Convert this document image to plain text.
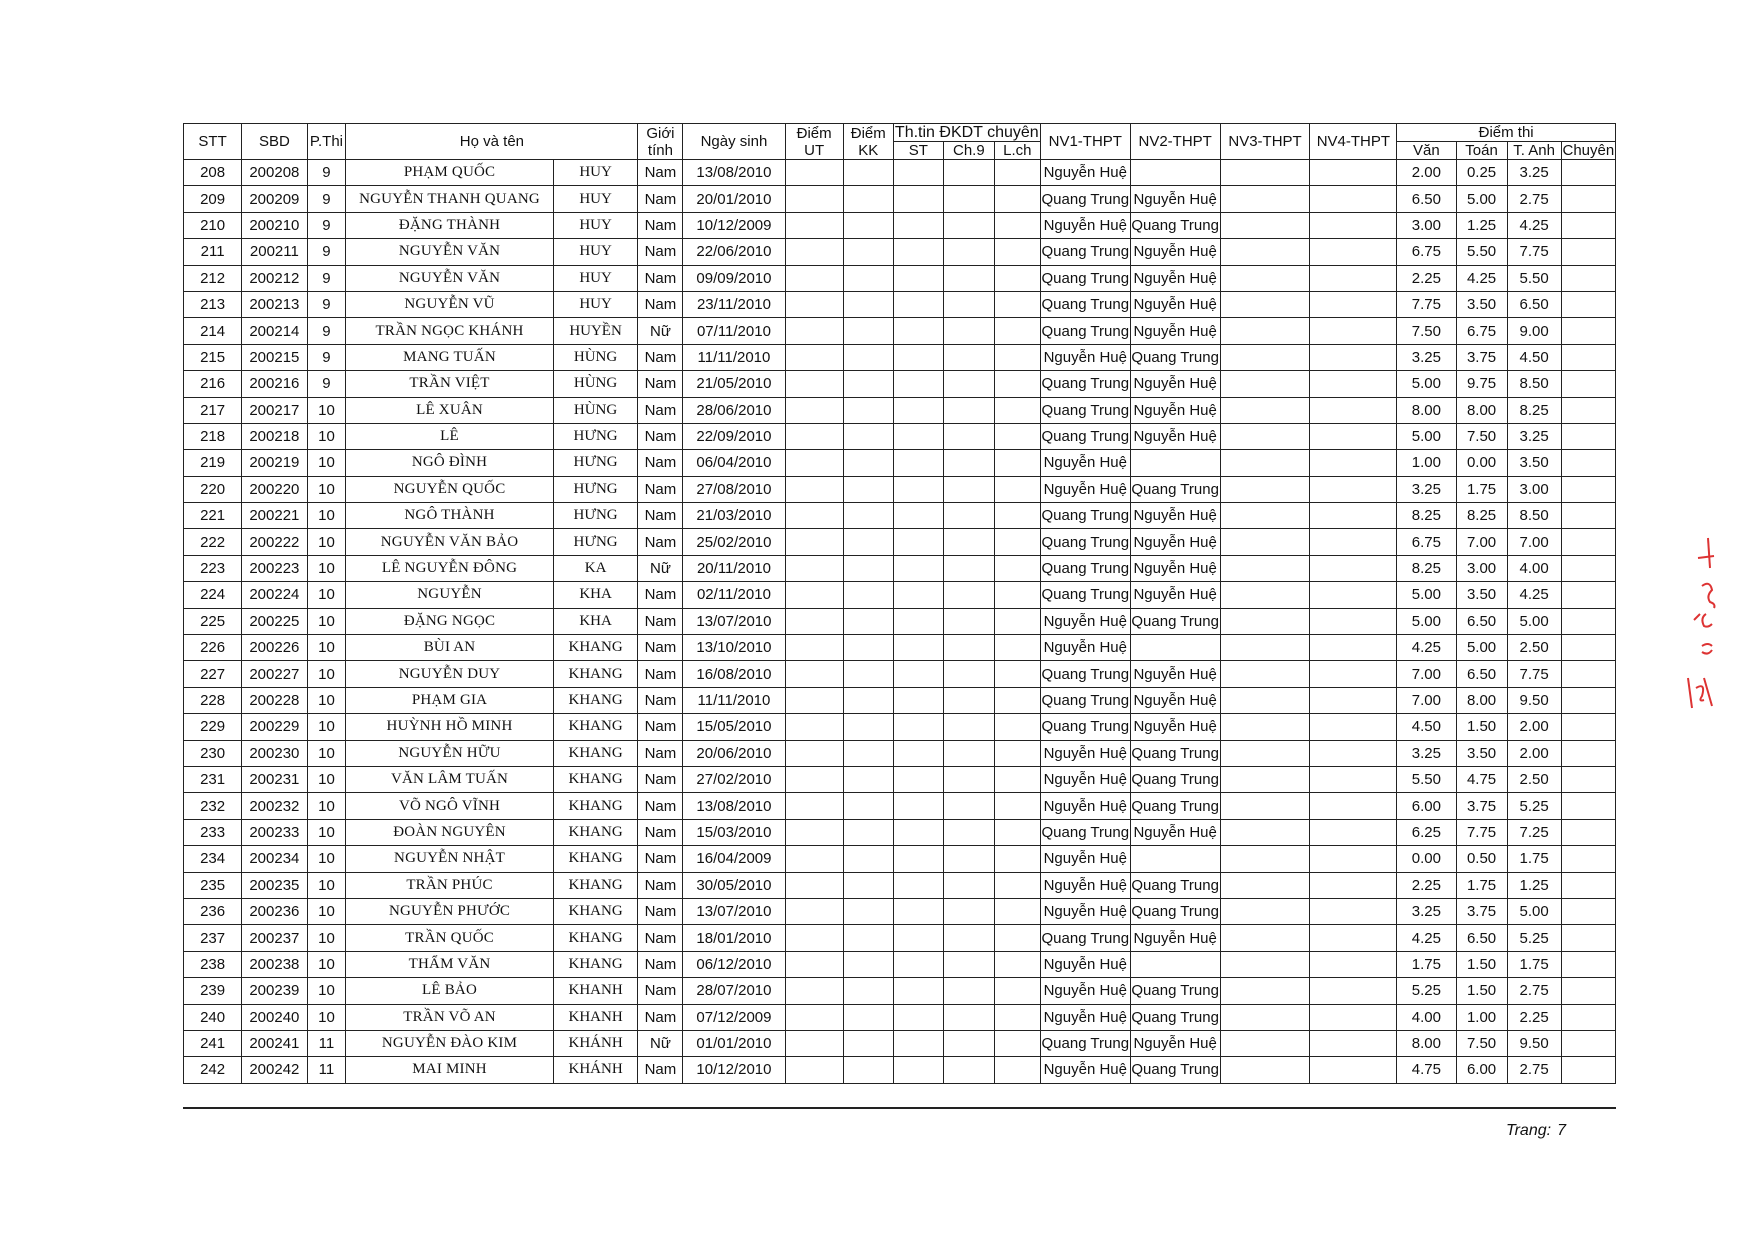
STT	SBD	P.Thi	Họ và tên		Giới tính	Ngày sinh	Điểm UT	Điểm KK	Th.tin ĐKDT chuyên			NV1-THPT	NV2-THPT	NV3-THPT	NV4-THPT	Điểm thi			
									ST	Ch.9	L.ch					Văn	Toán	T. Anh	Chuyên
208	200208	9	PHẠM QUỐC	HUY	Nam	13/08/2010						Nguyễn Huệ				2.00	0.25	3.25	
209	200209	9	NGUYỄN THANH QUANG	HUY	Nam	20/01/2010						Quang Trung	Nguyễn Huệ			6.50	5.00	2.75	
210	200210	9	ĐẶNG THÀNH	HUY	Nam	10/12/2009						Nguyễn Huệ	Quang Trung			3.00	1.25	4.25	
211	200211	9	NGUYỄN VĂN	HUY	Nam	22/06/2010						Quang Trung	Nguyễn Huệ			6.75	5.50	7.75	
212	200212	9	NGUYỄN VĂN	HUY	Nam	09/09/2010						Quang Trung	Nguyễn Huệ			2.25	4.25	5.50	
213	200213	9	NGUYỄN VŨ	HUY	Nam	23/11/2010						Quang Trung	Nguyễn Huệ			7.75	3.50	6.50	
214	200214	9	TRẦN NGỌC KHÁNH	HUYỀN	Nữ	07/11/2010						Quang Trung	Nguyễn Huệ			7.50	6.75	9.00	
215	200215	9	MANG TUẤN	HÙNG	Nam	11/11/2010						Nguyễn Huệ	Quang Trung			3.25	3.75	4.50	
216	200216	9	TRẦN VIỆT	HÙNG	Nam	21/05/2010						Quang Trung	Nguyễn Huệ			5.00	9.75	8.50	
217	200217	10	LÊ XUÂN	HÙNG	Nam	28/06/2010						Quang Trung	Nguyễn Huệ			8.00	8.00	8.25	
218	200218	10	LÊ	HƯNG	Nam	22/09/2010						Quang Trung	Nguyễn Huệ			5.00	7.50	3.25	
219	200219	10	NGÔ ĐÌNH	HƯNG	Nam	06/04/2010						Nguyễn Huệ				1.00	0.00	3.50	
220	200220	10	NGUYỄN QUỐC	HƯNG	Nam	27/08/2010						Nguyễn Huệ	Quang Trung			3.25	1.75	3.00	
221	200221	10	NGÔ THÀNH	HƯNG	Nam	21/03/2010						Quang Trung	Nguyễn Huệ			8.25	8.25	8.50	
222	200222	10	NGUYỄN VĂN BẢO	HƯNG	Nam	25/02/2010						Quang Trung	Nguyễn Huệ			6.75	7.00	7.00	
223	200223	10	LÊ NGUYỄN ĐÔNG	KA	Nữ	20/11/2010						Quang Trung	Nguyễn Huệ			8.25	3.00	4.00	
224	200224	10	NGUYỄN	KHA	Nam	02/11/2010						Quang Trung	Nguyễn Huệ			5.00	3.50	4.25	
225	200225	10	ĐẶNG NGỌC	KHA	Nam	13/07/2010						Nguyễn Huệ	Quang Trung			5.00	6.50	5.00	
226	200226	10	BÙI AN	KHANG	Nam	13/10/2010						Nguyễn Huệ				4.25	5.00	2.50	
227	200227	10	NGUYỄN DUY	KHANG	Nam	16/08/2010						Quang Trung	Nguyễn Huệ			7.00	6.50	7.75	
228	200228	10	PHẠM GIA	KHANG	Nam	11/11/2010						Quang Trung	Nguyễn Huệ			7.00	8.00	9.50	
229	200229	10	HUỲNH HỒ MINH	KHANG	Nam	15/05/2010						Quang Trung	Nguyễn Huệ			4.50	1.50	2.00	
230	200230	10	NGUYỄN HỮU	KHANG	Nam	20/06/2010						Nguyễn Huệ	Quang Trung			3.25	3.50	2.00	
231	200231	10	VĂN LÂM TUẤN	KHANG	Nam	27/02/2010						Nguyễn Huệ	Quang Trung			5.50	4.75	2.50	
232	200232	10	VÕ NGÔ VĨNH	KHANG	Nam	13/08/2010						Nguyễn Huệ	Quang Trung			6.00	3.75	5.25	
233	200233	10	ĐOÀN NGUYÊN	KHANG	Nam	15/03/2010						Quang Trung	Nguyễn Huệ			6.25	7.75	7.25	
234	200234	10	NGUYỄN NHẬT	KHANG	Nam	16/04/2009						Nguyễn Huệ				0.00	0.50	1.75	
235	200235	10	TRẦN PHÚC	KHANG	Nam	30/05/2010						Nguyễn Huệ	Quang Trung			2.25	1.75	1.25	
236	200236	10	NGUYỄN PHƯỚC	KHANG	Nam	13/07/2010						Nguyễn Huệ	Quang Trung			3.25	3.75	5.00	
237	200237	10	TRẦN QUỐC	KHANG	Nam	18/01/2010						Quang Trung	Nguyễn Huệ			4.25	6.50	5.25	
238	200238	10	THẨM VĂN	KHANG	Nam	06/12/2010						Nguyễn Huệ				1.75	1.50	1.75	
239	200239	10	LÊ BẢO	KHANH	Nam	28/07/2010						Nguyễn Huệ	Quang Trung			5.25	1.50	2.75	
240	200240	10	TRẦN VÕ AN	KHANH	Nam	07/12/2009						Nguyễn Huệ	Quang Trung			4.00	1.00	2.25	
241	200241	11	NGUYỄN ĐÀO KIM	KHÁNH	Nữ	01/01/2010						Quang Trung	Nguyễn Huệ			8.00	7.50	9.50	
242	200242	11	MAI MINH	KHÁNH	Nam	10/12/2010						Nguyễn Huệ	Quang Trung			4.75	6.00	2.75	
Trang: 7
